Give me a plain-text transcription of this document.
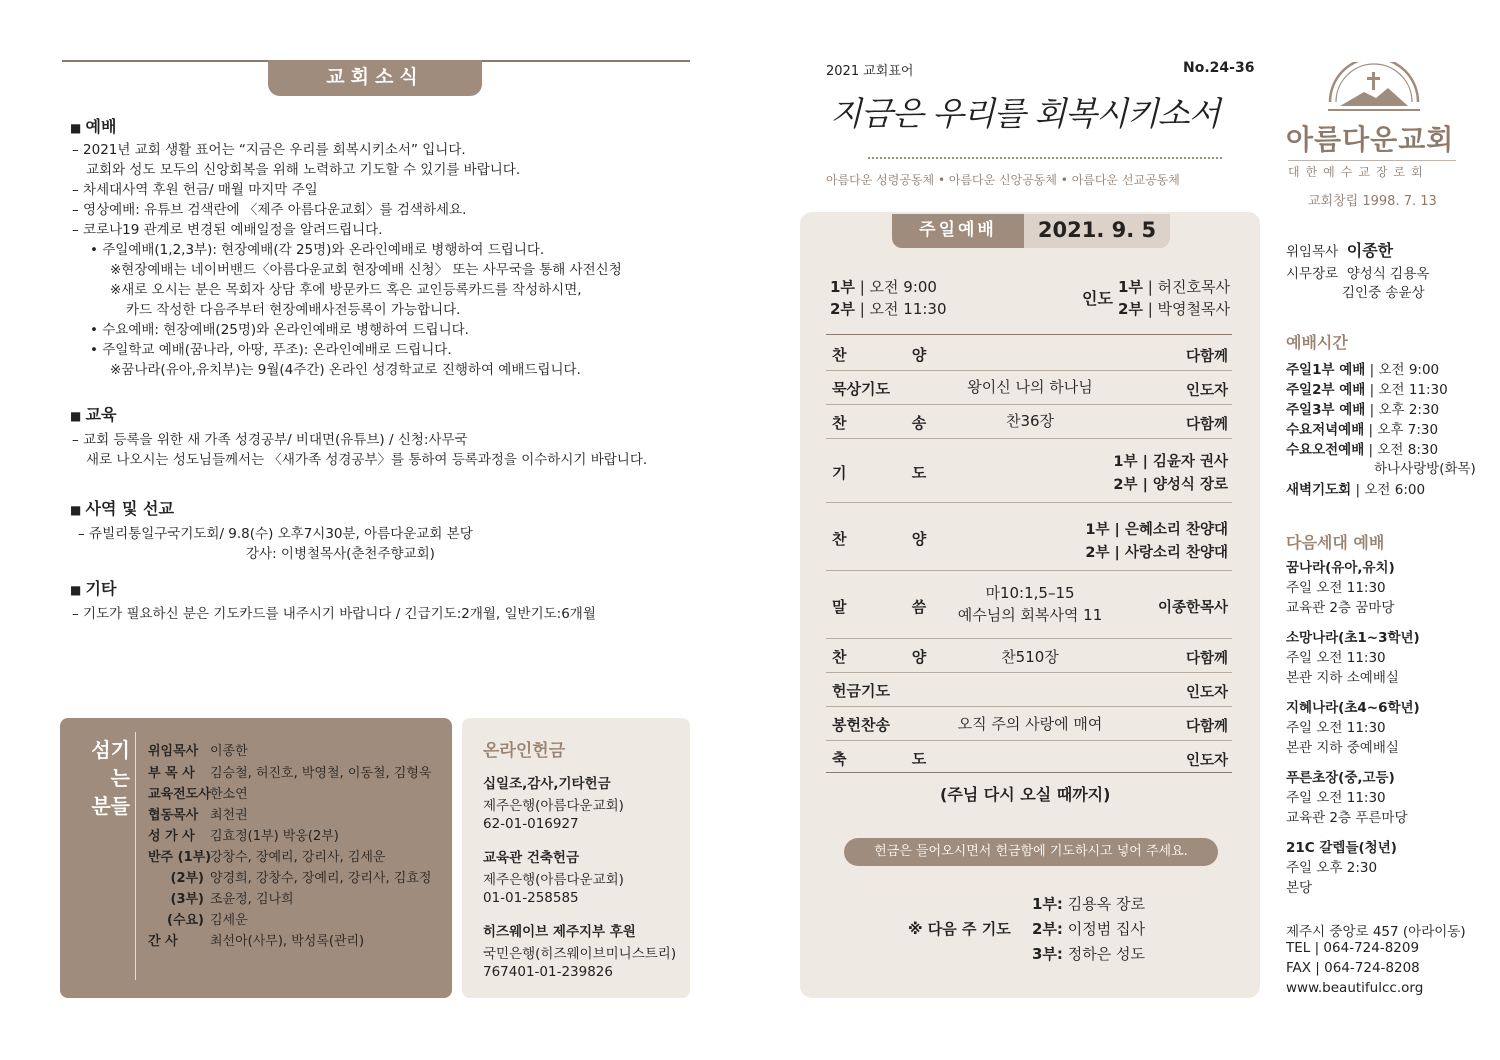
교회소식
■ 예배
– 2021년 교회 생활 표어는 “지금은 우리를 회복시키소서” 입니다.
교회와 성도 모두의 신앙회복을 위해 노력하고 기도할 수 있기를 바랍니다.
– 차세대사역 후원 헌금/ 매월 마지막 주일
– 영상예배: 유튜브 검색란에 〈제주 아름다운교회〉를 검색하세요.
– 코로나19 관계로 변경된 예배일정을 알려드립니다.
• 주일예배(1,2,3부): 현장예배(각 25명)와 온라인예배로 병행하여 드립니다.
※현장예배는 네이버밴드〈아름다운교회 현장예배 신청〉 또는 사무국을 통해 사전신청
※새로 오시는 분은 목회자 상담 후에 방문카드 혹은 교인등록카드를 작성하시면,
카드 작성한 다음주부터 현장예배사전등록이 가능합니다.
• 수요예배: 현장예배(25명)와 온라인예배로 병행하여 드립니다.
• 주일학교 예배(꿈나라, 아땅, 푸조): 온라인예배로 드립니다.
※꿈나라(유아,유치부)는 9월(4주간) 온라인 성경학교로 진행하여 예배드립니다.
■ 교육
– 교회 등록을 위한 새 가족 성경공부/ 비대면(유튜브) / 신청:사무국
새로 나오시는 성도님들께서는 〈새가족 성경공부〉를 통하여 등록과정을 이수하시기 바랍니다.
■ 사역 및 선교
– 쥬빌리통일구국기도회/ 9.8(수) 오후7시30분, 아름다운교회 본당
강사: 이병철목사(춘천주향교회)
■ 기타
– 기도가 필요하신 분은 기도카드를 내주시기 바랍니다 / 긴급기도:2개월, 일반기도:6개월
섬기는
분들
위임목사 이종한
부 목 사 김승철, 허진호, 박영철, 이동철, 김형욱
교육전도사한소연
협동목사 최천권
성 가 사 김효정(1부) 박웅(2부)
반주 (1부)강창수, 장예리, 강리사, 김세운
(2부) 양경희, 강창수, 장예리, 강리사, 김효정
(3부) 조윤정, 김나희
(수요) 김세운
간 사 최선아(사무), 박성록(관리)
온라인헌금
십일조,감사,기타헌금
제주은행(아름다운교회)
62-01-016927
교육관 건축헌금
제주은행(아름다운교회)
01-01-258585
히즈웨이브 제주지부 후원
국민은행(히즈웨이브미니스트리)
767401-01-239826
2021 교회표어	No.24-36
지금은 우리를 회복시키소서
아름다운 성령공동체 • 아름다운 신앙공동체 • 아름다운 선교공동체
주일예배	2021. 9. 5
1부 | 오전 9:00
2부 | 오전 11:30
인도
1부 | 허진호목사
2부 | 박영철목사
찬 양	다함께
묵상기도	왕이신 나의 하나님	인도자
찬 송	찬36장	다함께
기 도
1부 | 김윤자 권사
2부 | 양성식 장로
찬 양	1부 | 은혜소리 찬양대
2부 | 사랑소리 찬양대
말 씀
마10:1,5–15
예수님의 회복사역 11	이종한목사
찬 양	찬510장	다함께
헌금기도	인도자
봉헌찬송	오직 주의 사랑에 매여	다함께
축 도	인도자
(주님 다시 오실 때까지)
헌금은 들어오시면서 헌금함에 기도하시고 넣어 주세요.
※ 다음 주 기도
1부: 김용옥 장로
2부: 이정범 집사
3부: 정하은 성도
아름다운교회
대한예수교장로회
교회창립 1998. 7. 13
위임목사 이종한
시무장로 양성식 김용옥
김인중 송윤상
예배시간
주일1부 예배 | 오전 9:00
주일2부 예배 | 오전 11:30
주일3부 예배 | 오후 2:30
수요저녁예배 | 오후 7:30
수요오전예배 | 오전 8:30
하나사랑방(화목)
새벽기도회 | 오전 6:00
다음세대 예배
꿈나라(유아,유치)
주일 오전 11:30
교육관 2층 꿈마당
소망나라(초1~3학년)
주일 오전 11:30
본관 지하 소예배실
지혜나라(초4~6학년)
주일 오전 11:30
본관 지하 중예배실
푸른초장(중,고등)
주일 오전 11:30
교육관 2층 푸른마당
21C 갈렙들(청년)
주일 오후 2:30
본당
제주시 중앙로 457 (아라이동)
TEL | 064-724-8209
FAX | 064-724-8208
www.beautifulcc.org
